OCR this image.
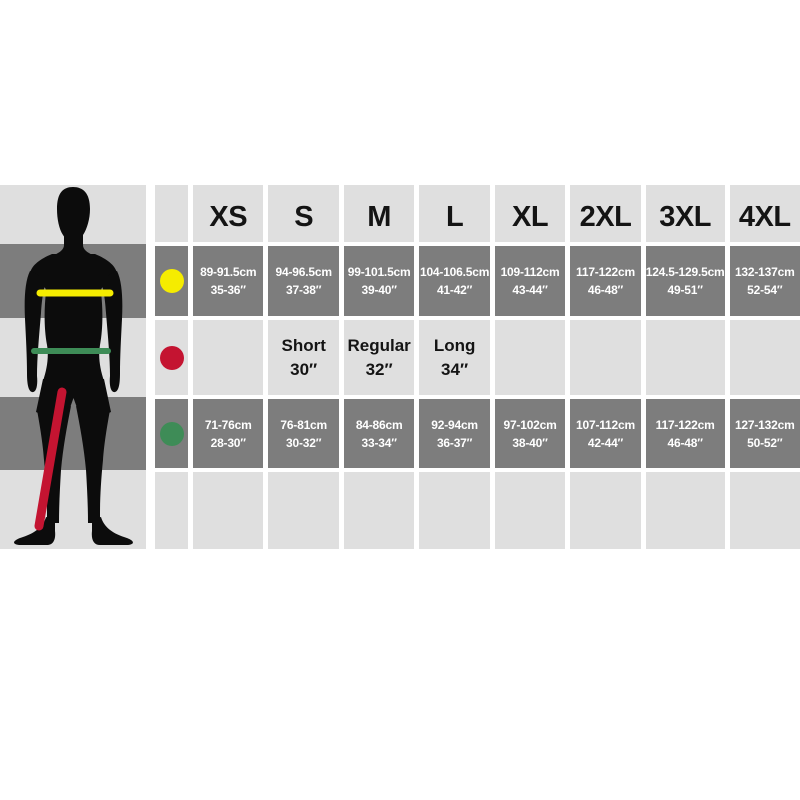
XS
89-91.5cm
35-36″
71-76cm
28-30″
S
94-96.5cm
37-38″
Short
30″
76-81cm
30-32″
M
99-101.5cm
39-40″
Regular
32″
84-86cm
33-34″
L
104-106.5cm
41-42″
Long
34″
92-94cm
36-37″
XL
109-112cm
43-44″
97-102cm
38-40″
2XL
117-122cm
46-48″
107-112cm
42-44″
3XL
124.5-129.5cm
49-51″
117-122cm
46-48″
4XL
132-137cm
52-54″
127-132cm
50-52″
